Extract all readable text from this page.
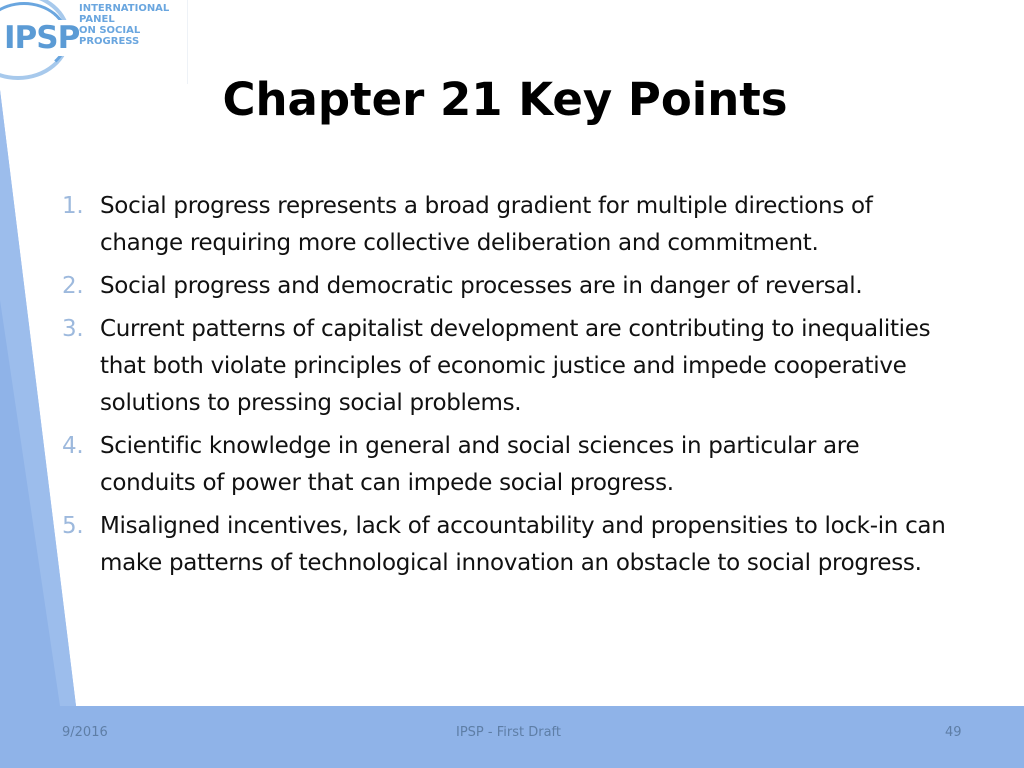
IPSP
INTERNATIONAL PANEL
ON SOCIAL PROGRESS
Chapter 21 Key Points
1. Social progress represents a broad gradient for multiple directions of change requiring more collective deliberation and commitment.
2. Social progress and democratic processes are in danger of reversal.
3. Current patterns of capitalist development are contributing to inequalities that both violate principles of economic justice and impede cooperative solutions to pressing social problems.
4. Scientific knowledge in general and social sciences in particular are conduits of power that can impede social progress.
5. Misaligned incentives, lack of accountability and propensities to lock-in can make patterns of technological innovation an obstacle to social progress.
9/2016	IPSP - First Draft	49
